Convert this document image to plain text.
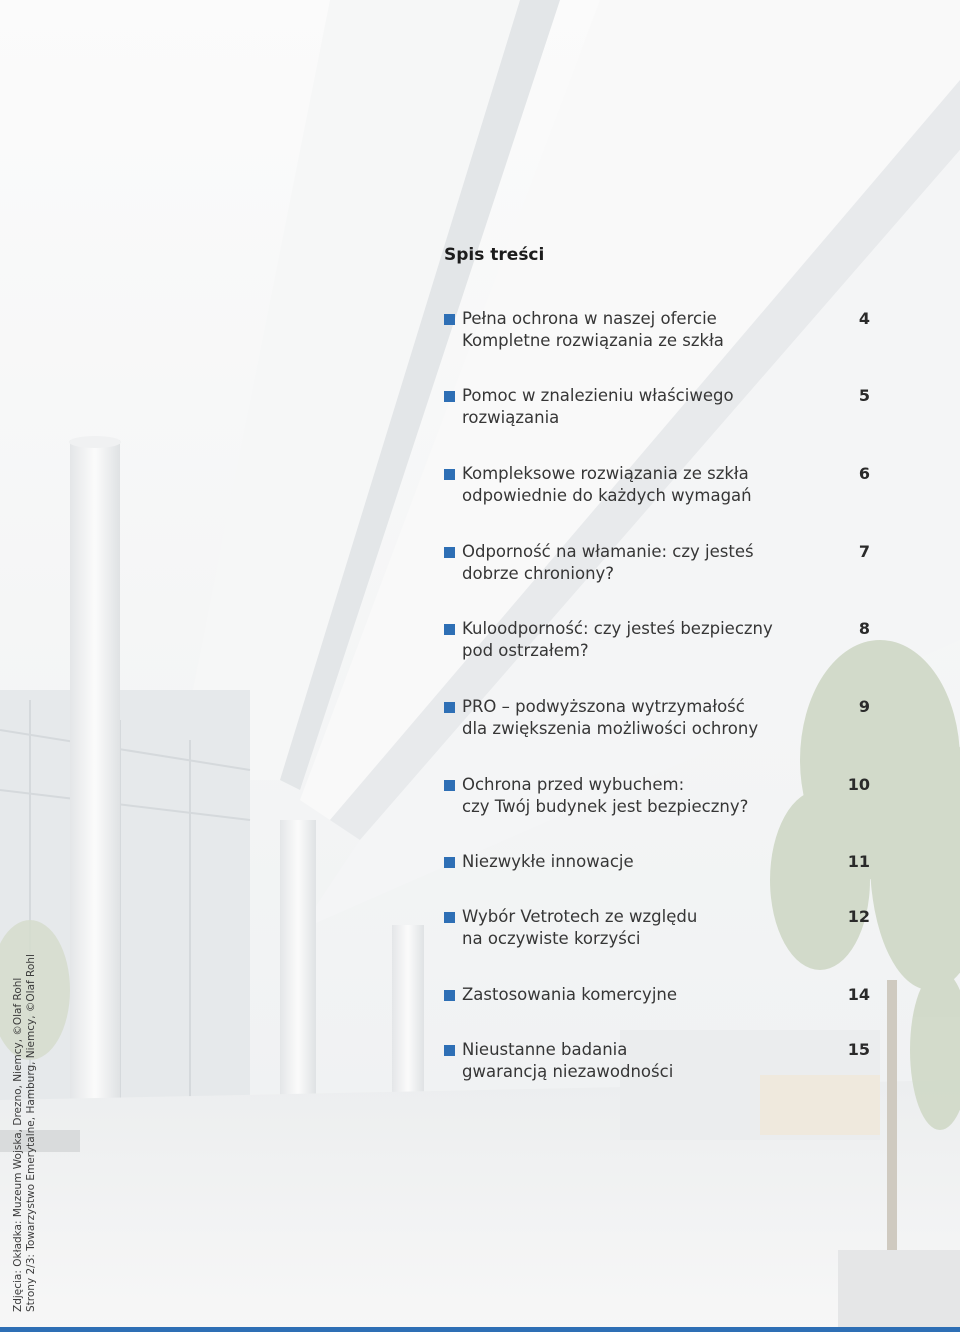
Spis treści
Pełna ochrona w naszej ofercie
Kompletne rozwiązania ze szkła
4
Pomoc w znalezieniu właściwego
rozwiązania
5
Kompleksowe rozwiązania ze szkła
odpowiednie do każdych wymagań
6
Odporność na włamanie: czy jesteś
dobrze chroniony?
7
Kuloodporność: czy jesteś bezpieczny
pod ostrzałem?
8
PRO – podwyższona wytrzymałość
dla zwiększenia możliwości ochrony
9
Ochrona przed wybuchem:
czy Twój budynek jest bezpieczny?
10
Niezwykłe innowacje	11
Wybór Vetrotech ze względu
na oczywiste korzyści
12
Zastosowania komercyjne	14
Nieustanne badania
gwarancją niezawodności
15
Zdjęcia: Okładka: Muzeum Wojska, Drezno, Niemcy, ©Olaf Rohl Strony 2/3: Towarzystwo Emerytalne, Hamburg, Niemcy, ©Olaf Rohl
